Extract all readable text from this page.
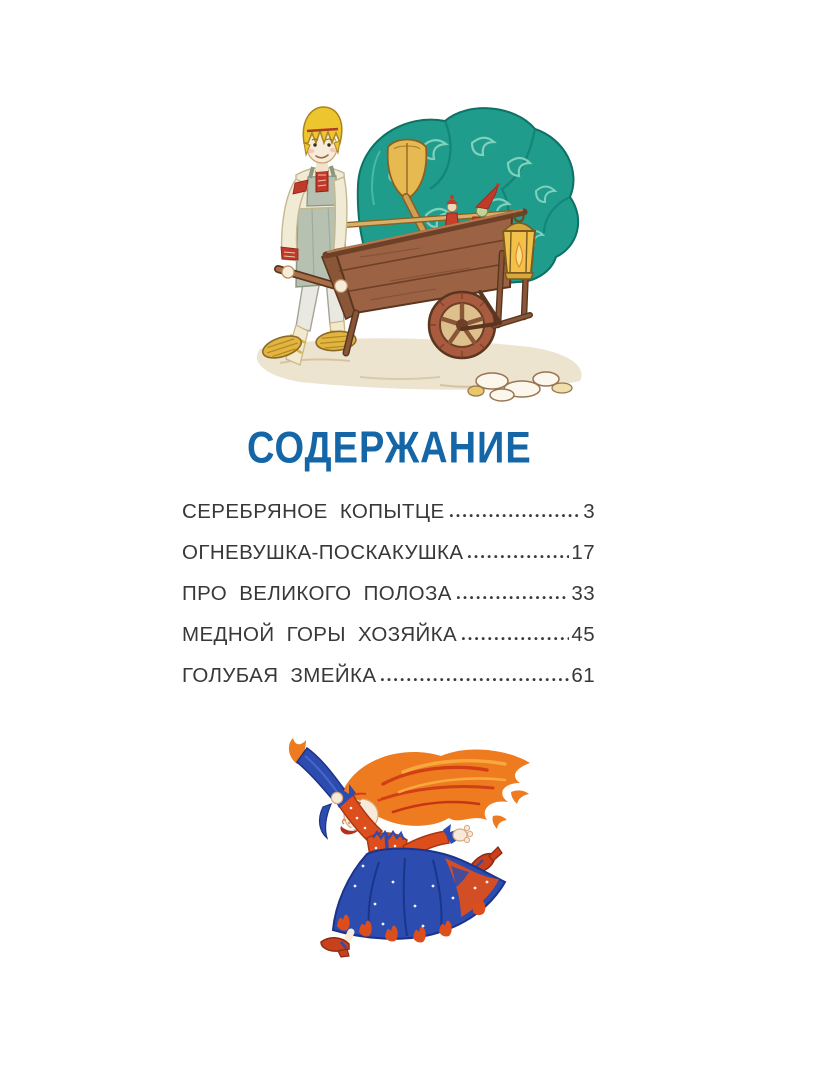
СОДЕРЖАНИЕ
СЕРЕБРЯНОЕ КОПЫТЦЕ	3
ОГНЕВУШКА-ПОСКАКУШКА	17
ПРО ВЕЛИКОГО ПОЛОЗА	33
МЕДНОЙ ГОРЫ ХОЗЯЙКА	45
ГОЛУБАЯ ЗМЕЙКА	61
